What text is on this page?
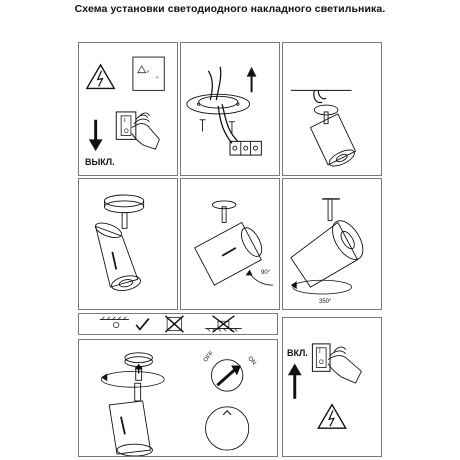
Схема установки светодиодного накладного светильника.
a
b
I
O
ВЫКЛ.
90°
350°
OFF	ON
ВКЛ. I
O
